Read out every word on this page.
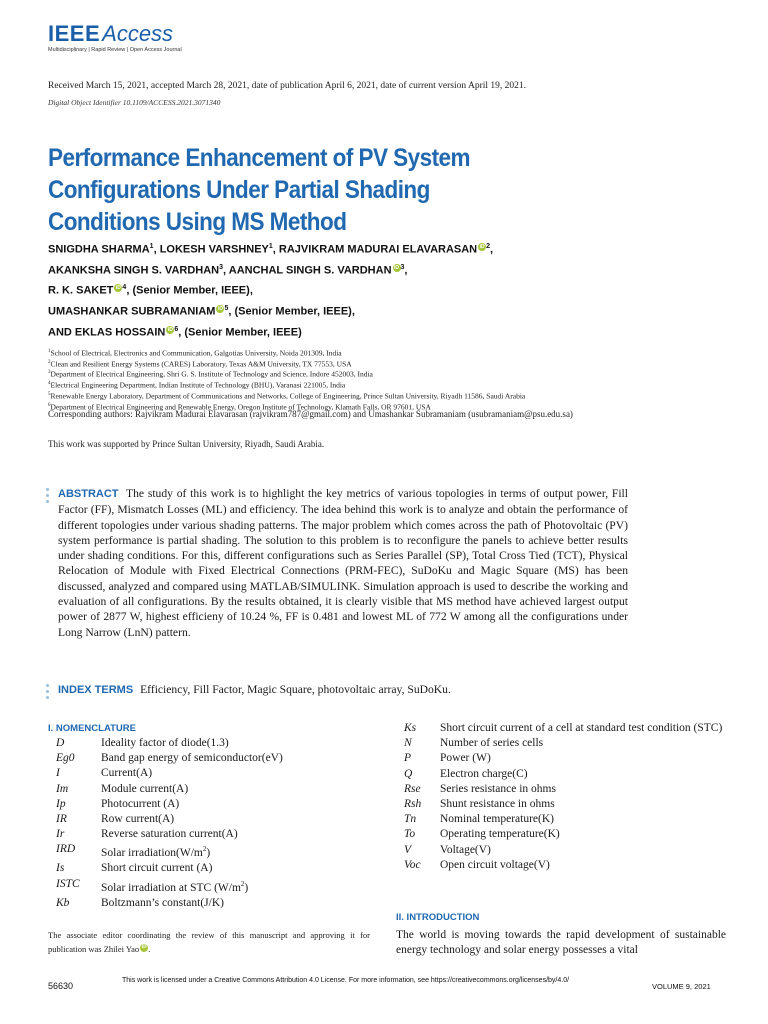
IEEEAccess
Multidisciplinary | Rapid Review | Open Access Journal
Received March 15, 2021, accepted March 28, 2021, date of publication April 6, 2021, date of current version April 19, 2021.
Digital Object Identifier 10.1109/ACCESS.2021.3071340
Performance Enhancement of PV System
Configurations Under Partial Shading
Conditions Using MS Method
SNIGDHA SHARMA$^1$, LOKESH VARSHNEY$^1$, RAJVIKRAM MADURAI ELAVARASAN iD $^2$,
AKANKSHA SINGH S. VARDHAN$^3$, AANCHAL SINGH S. VARDHAN iD $^3$,
R. K. SAKET iD $^4$, (Senior Member, IEEE),
UMASHANKAR SUBRAMANIAM iD $^5$, (Senior Member, IEEE),
AND EKLAS HOSSAIN iD $^6$, (Senior Member, IEEE)
$^1$School of Electrical, Electronics and Communication, Galgotias University, Noida 201309, India
$^2$Clean and Resilient Energy Systems (CARES) Laboratory, Texas A&M University, TX 77553, USA
$^3$Department of Electrical Engineering, Shri G. S. Institute of Technology and Science, Indore 452003, India
$^4$Electrical Engineering Department, Indian Institute of Technology (BHU), Varanasi 221005, India
$^5$Renewable Energy Laboratory, Department of Communications and Networks, College of Engineering, Prince Sultan University, Riyadh 11586, Saudi Arabia
$^6$Department of Electrical Engineering and Renewable Energy, Oregon Institute of Technology, Klamath Falls, OR 97601, USA
Corresponding authors: Rajvikram Madurai Elavarasan (rajvikram787@gmail.com) and Umashankar Subramaniam (usubramaniam@psu.edu.sa)
This work was supported by Prince Sultan University, Riyadh, Saudi Arabia.
ABSTRACT The study of this work is to highlight the key metrics of various topologies in terms of output power, Fill Factor (FF), Mismatch Losses (ML) and efficiency. The idea behind this work is to analyze and obtain the performance of different topologies under various shading patterns. The major problem which comes across the path of Photovoltaic (PV) system performance is partial shading. The solution to this problem is to reconfigure the panels to achieve better results under shading conditions. For this, different configurations such as Series Parallel (SP), Total Cross Tied (TCT), Physical Relocation of Module with Fixed Electrical Connections (PRM-FEC), SuDoKu and Magic Square (MS) has been discussed, analyzed and compared using MATLAB/SIMULINK. Simulation approach is used to describe the working and evaluation of all configurations. By the results obtained, it is clearly visible that MS method have achieved largest output power of 2877 W, highest efficieny of 10.24 %, FF is 0.481 and lowest ML of 772 W among all the configurations under Long Narrow (LnN) pattern.
INDEX TERMS Efficiency, Fill Factor, Magic Square, photovoltaic array, SuDoKu.
I. NOMENCLATURE
D	Ideality factor of diode(1.3)
Eg0	Band gap energy of semiconductor(eV)
I	Current(A)
Im	Module current(A)
Ip	Photocurrent (A)
IR	Row current(A)
Ir	Reverse saturation current(A)
IRD	Solar $irradiation(W/m^2)$
Is	Short circuit current (A)
ISTC	Solar irradiation at STC $(W/m^2)$
Kb	Boltzmann’s constant(J/K)
Ks	Short circuit current of a cell at standard test condition (STC)
N	Number of series cells
P	Power (W)
Q	Electron charge(C)
Rse	Series resistance in ohms
Rsh	Shunt resistance in ohms
Tn	Nominal temperature(K)
To	Operating temperature(K)
V	Voltage(V)
Voc	Open circuit voltage(V)
The associate editor coordinating the review of this manuscript and approving it for publication was Zhilei Yao iD .
II. INTRODUCTION
The world is moving towards the rapid development of sustainable energy technology and solar energy possesses a vital
56630
This work is licensed under a Creative Commons Attribution 4.0 License. For more information, see https://creativecommons.org/licenses/by/4.0/
VOLUME 9, 2021
